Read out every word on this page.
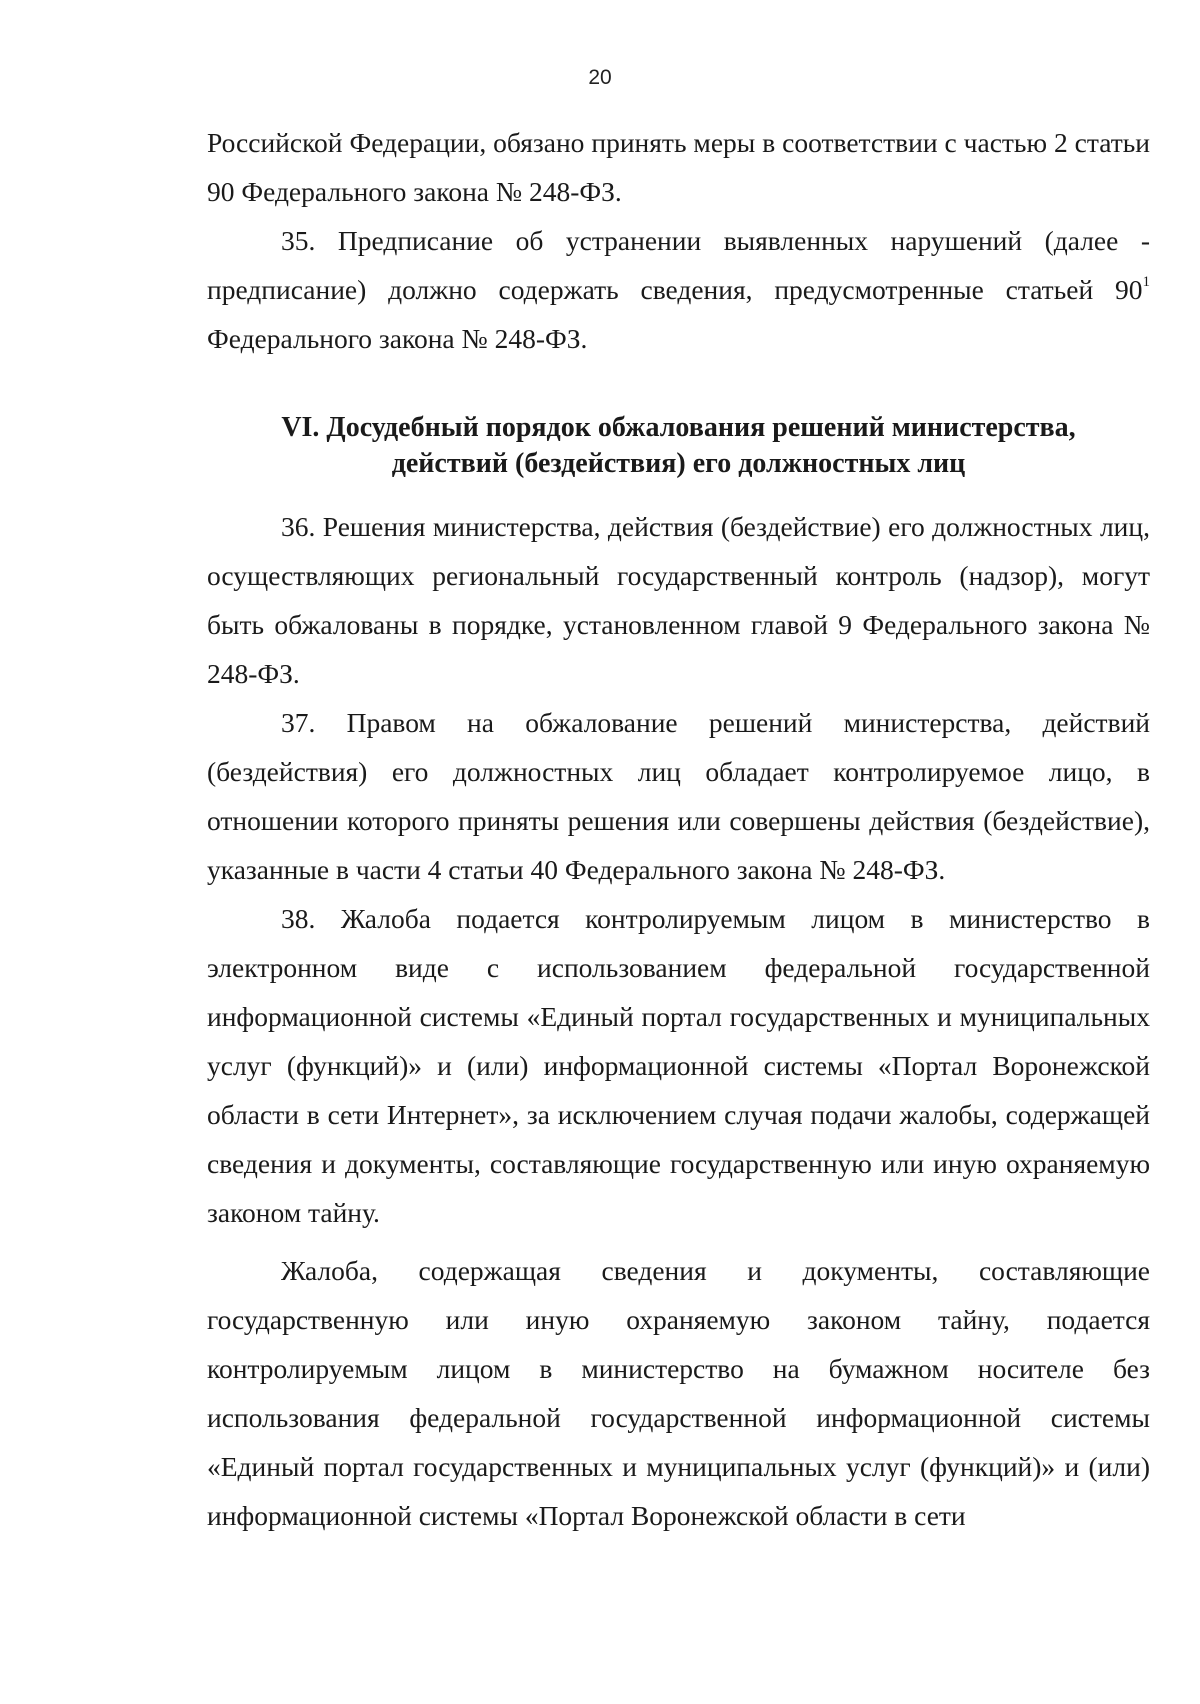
20

Российской Федерации, обязано принять меры в соответствии с частью 2 статьи 90 Федерального закона № 248-ФЗ.

35. Предписание об устранении выявленных нарушений (далее - предписание) должно содержать сведения, предусмотренные статьей $90^1$ Федерального закона № 248-ФЗ.

VI. Досудебный порядок обжалования решений министерства,
действий (бездействия) его должностных лиц

36. Решения министерства, действия (бездействие) его должностных лиц, осуществляющих региональный государственный контроль (надзор), могут быть обжалованы в порядке, установленном главой 9 Федерального закона № 248-ФЗ.

37. Правом на обжалование решений министерства, действий (бездействия) его должностных лиц обладает контролируемое лицо, в отношении которого приняты решения или совершены действия (бездействие), указанные в части 4 статьи 40 Федерального закона № 248-ФЗ.

38. Жалоба подается контролируемым лицом в министерство в электронном виде с использованием федеральной государственной информационной системы «Единый портал государственных и муниципальных услуг (функций)» и (или) информационной системы «Портал Воронежской области в сети Интернет», за исключением случая подачи жалобы, содержащей сведения и документы, составляющие государственную или иную охраняемую законом тайну.

Жалоба, содержащая сведения и документы, составляющие государственную или иную охраняемую законом тайну, подается контролируемым лицом в министерство на бумажном носителе без использования федеральной государственной информационной системы «Единый портал государственных и муниципальных услуг (функций)» и (или) информационной системы «Портал Воронежской области в сети
